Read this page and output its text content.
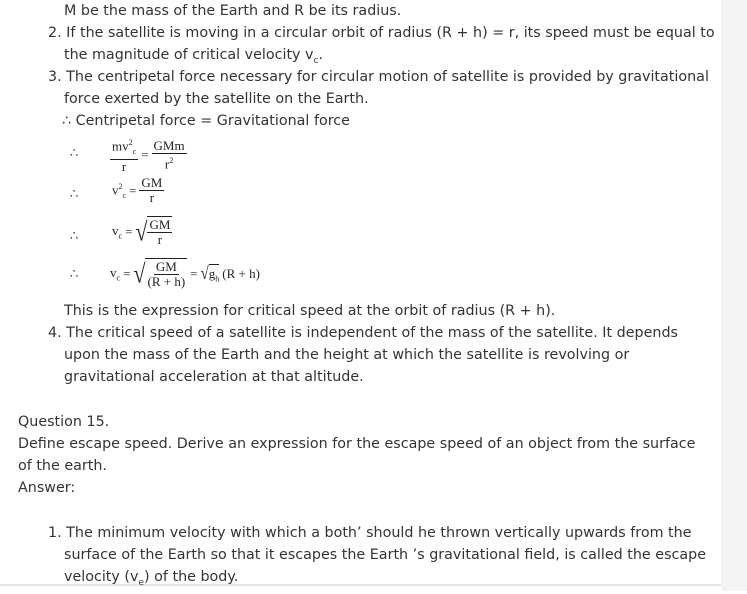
M be the mass of the Earth and R be its radius.
2. If the satellite is moving in a circular orbit of radius (R + h) = r, its speed must be equal to
the magnitude of critical velocity $v_c$.
3. The centripetal force necessary for circular motion of satellite is provided by gravitational
force exerted by the satellite on the Earth.
∴ Centripetal force = Gravitational force
∴ $\frac{mv^2_c}{r} = \frac{\text{GMm}}{r^2}$
∴	$v^2_c = \frac{GM}{r}$
∴	$v_c$ = √ $\frac{GM}{r}$
∴ $v_c$ = √ $\frac{GM}{(R + h)}$ = √ $g_h$ (R + h)
This is the expression for critical speed at the orbit of radius (R + h).
4. The critical speed of a satellite is independent of the mass of the satellite. It depends
upon the mass of the Earth and the height at which the satellite is revolving or
gravitational acceleration at that altitude.
Question 15.
Define escape speed. Derive an expression for the escape speed of an object from the surface
of the earth.
Answer:
1. The minimum velocity with which a both’ should he thrown vertically upwards from the
surface of the Earth so that it escapes the Earth ’s gravitational field, is called the escape
velocity $(v_e)$ of the body.
